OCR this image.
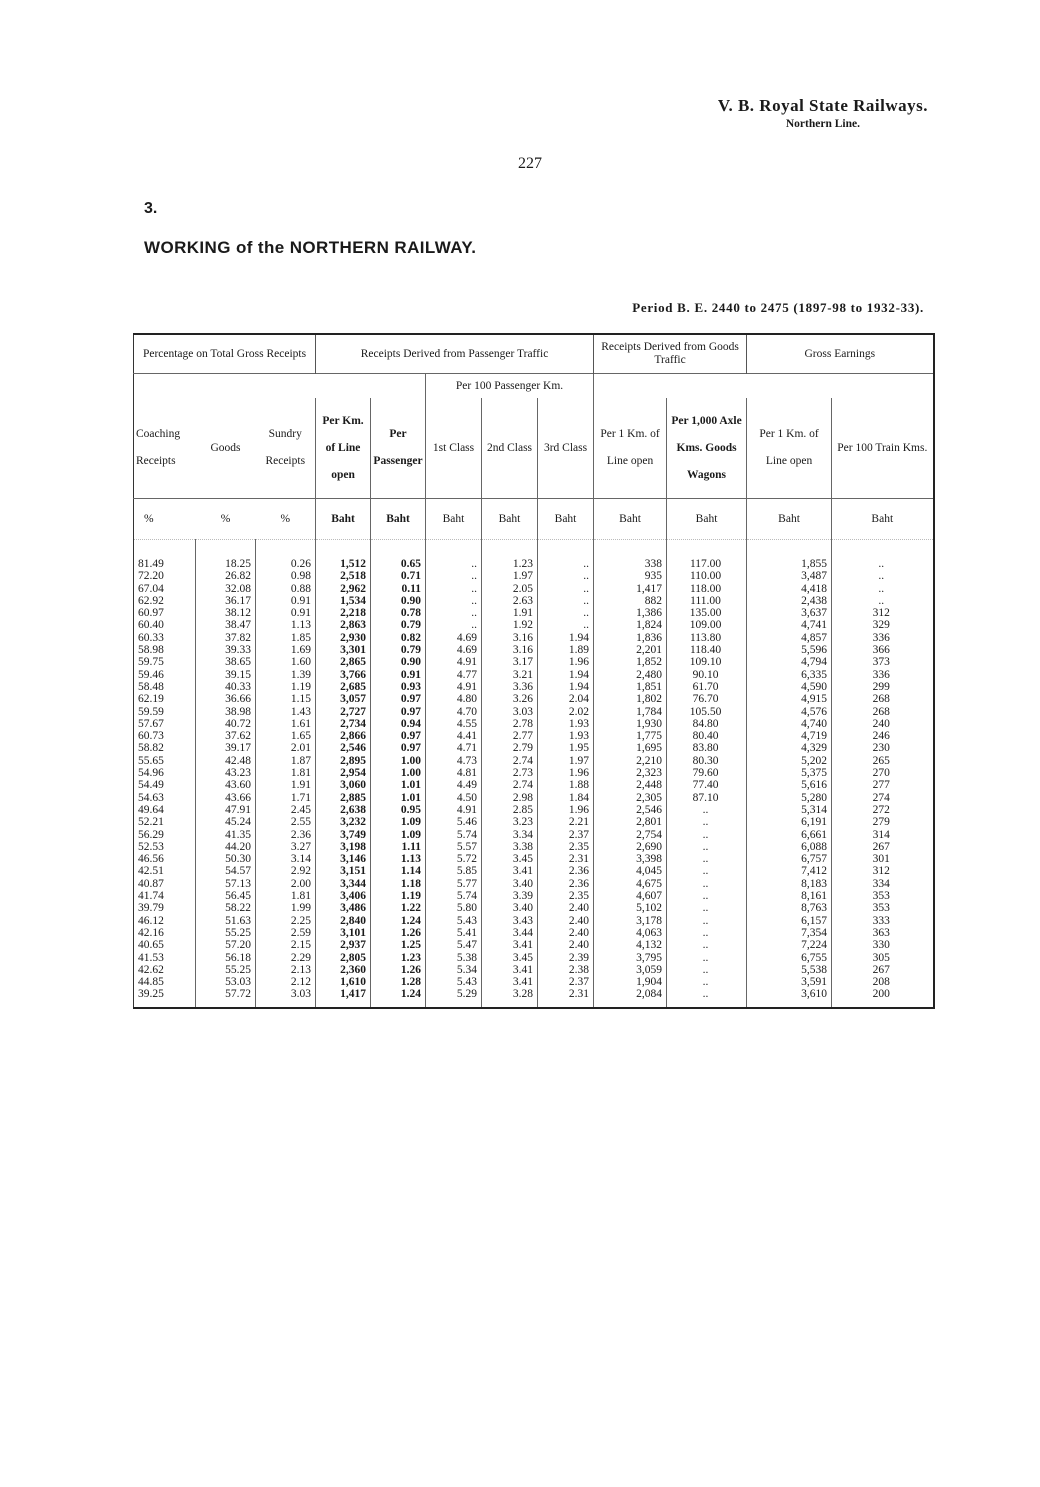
V. B. Royal State Railways.
Northern Line.
227
3.
WORKING of the NORTHERN RAILWAY.
Period B. E. 2440 to 2475 (1897-98 to 1932-33).
Percentage on Total Gross Receipts			Receipts Derived from Passenger Traffic					Receipts Derived from Goods Traffic		Gross Earnings	
					Per 100 Passenger Km.						
Coaching Receipts	Goods	Sundry Receipts	Per Km. of Line open	Per Passenger	1st Class	2nd Class	3rd Class	Per 1 Km. of Line open	Per 1,000 Axle Kms. Goods Wagons	Per 1 Km. of Line open	Per 100 Train Kms.
%	%	%	Baht	Baht	Baht	Baht	Baht	Baht	Baht	Baht	Baht
81.49	18.25	0.26	1,512	0.65	..	1.23	..	338	117.00	1,855	..
72.20	26.82	0.98	2,518	0.71	..	1.97	..	935	110.00	3,487	..
67.04	32.08	0.88	2,962	0.11	..	2.05	..	1,417	118.00	4,418	..
62.92	36.17	0.91	1,534	0.90	..	2.63	..	882	111.00	2,438	..
60.97	38.12	0.91	2,218	0.78	..	1.91	..	1,386	135.00	3,637	312
60.40	38.47	1.13	2,863	0.79	..	1.92	..	1,824	109.00	4,741	329
60.33	37.82	1.85	2,930	0.82	4.69	3.16	1.94	1,836	113.80	4,857	336
58.98	39.33	1.69	3,301	0.79	4.69	3.16	1.89	2,201	118.40	5,596	366
59.75	38.65	1.60	2,865	0.90	4.91	3.17	1.96	1,852	109.10	4,794	373
59.46	39.15	1.39	3,766	0.91	4.77	3.21	1.94	2,480	90.10	6,335	336
58.48	40.33	1.19	2,685	0.93	4.91	3.36	1.94	1,851	61.70	4,590	299
62.19	36.66	1.15	3,057	0.97	4.80	3.26	2.04	1,802	76.70	4,915	268
59.59	38.98	1.43	2,727	0.97	4.70	3.03	2.02	1,784	105.50	4,576	268
57.67	40.72	1.61	2,734	0.94	4.55	2.78	1.93	1,930	84.80	4,740	240
60.73	37.62	1.65	2,866	0.97	4.41	2.77	1.93	1,775	80.40	4,719	246
58.82	39.17	2.01	2,546	0.97	4.71	2.79	1.95	1,695	83.80	4,329	230
55.65	42.48	1.87	2,895	1.00	4.73	2.74	1.97	2,210	80.30	5,202	265
54.96	43.23	1.81	2,954	1.00	4.81	2.73	1.96	2,323	79.60	5,375	270
54.49	43.60	1.91	3,060	1.01	4.49	2.74	1.88	2,448	77.40	5,616	277
54.63	43.66	1.71	2,885	1.01	4.50	2.98	1.84	2,305	87.10	5,280	274
49.64	47.91	2.45	2,638	0.95	4.91	2.85	1.96	2,546	..	5,314	272
52.21	45.24	2.55	3,232	1.09	5.46	3.23	2.21	2,801	..	6,191	279
56.29	41.35	2.36	3,749	1.09	5.74	3.34	2.37	2,754	..	6,661	314
52.53	44.20	3.27	3,198	1.11	5.57	3.38	2.35	2,690	..	6,088	267
46.56	50.30	3.14	3,146	1.13	5.72	3.45	2.31	3,398	..	6,757	301
42.51	54.57	2.92	3,151	1.14	5.85	3.41	2.36	4,045	..	7,412	312
40.87	57.13	2.00	3,344	1.18	5.77	3.40	2.36	4,675	..	8,183	334
41.74	56.45	1.81	3,406	1.19	5.74	3.39	2.35	4,607	..	8,161	353
39.79	58.22	1.99	3,486	1.22	5.80	3.40	2.40	5,102	..	8,763	353
46.12	51.63	2.25	2,840	1.24	5.43	3.43	2.40	3,178	..	6,157	333
42.16	55.25	2.59	3,101	1.26	5.41	3.44	2.40	4,063	..	7,354	363
40.65	57.20	2.15	2,937	1.25	5.47	3.41	2.40	4,132	..	7,224	330
41.53	56.18	2.29	2,805	1.23	5.38	3.45	2.39	3,795	..	6,755	305
42.62	55.25	2.13	2,360	1.26	5.34	3.41	2.38	3,059	..	5,538	267
44.85	53.03	2.12	1,610	1.28	5.43	3.41	2.37	1,904	..	3,591	208
39.25	57.72	3.03	1,417	1.24	5.29	3.28	2.31	2,084	..	3,610	200
